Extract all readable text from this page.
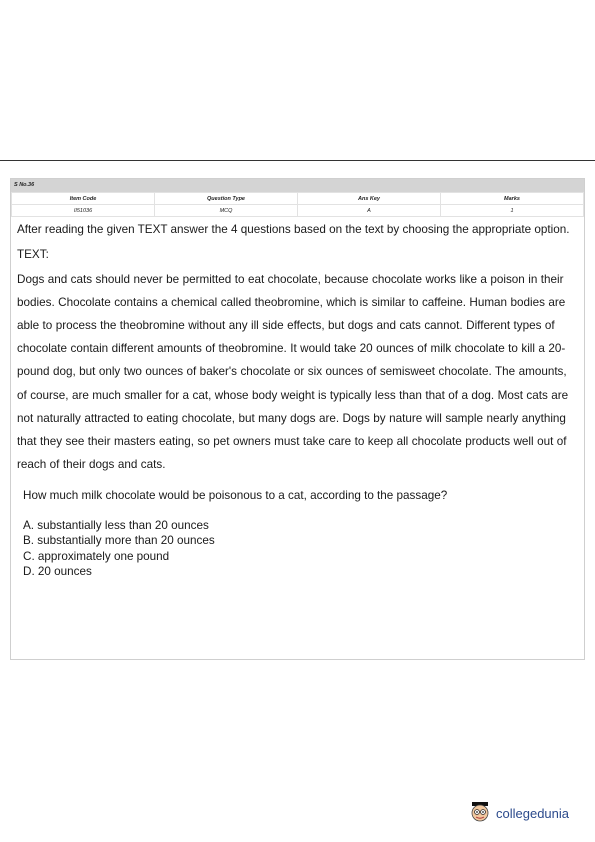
S No.36
Item Code	Question Type	Ans Key	Marks
II51036	MCQ	A	1
After reading the given TEXT answer the 4 questions based on the text by choosing the appropriate option.
TEXT:
Dogs and cats should never be permitted to eat chocolate, because chocolate works like a poison in their bodies. Chocolate contains a chemical called theobromine, which is similar to caffeine. Human bodies are able to process the theobromine without any ill side effects, but dogs and cats cannot. Different types of chocolate contain different amounts of theobromine. It would take 20 ounces of milk chocolate to kill a 20-pound dog, but only two ounces of baker's chocolate or six ounces of semisweet chocolate. The amounts, of course, are much smaller for a cat, whose body weight is typically less than that of a dog. Most cats are not naturally attracted to eating chocolate, but many dogs are. Dogs by nature will sample nearly anything that they see their masters eating, so pet owners must take care to keep all chocolate products well out of reach of their dogs and cats.
How much milk chocolate would be poisonous to a cat, according to the passage?
A. substantially less than 20 ounces
B. substantially more than 20 ounces
C. approximately one pound
D. 20 ounces
collegedunia
